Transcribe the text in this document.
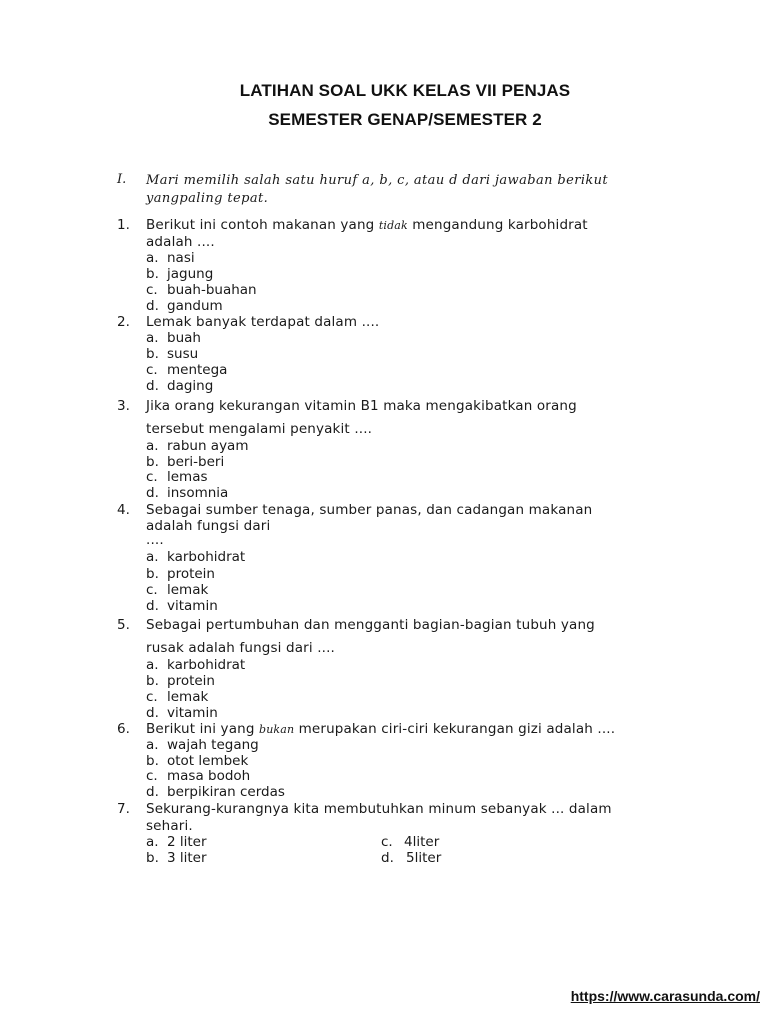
LATIHAN SOAL UKK KELAS VII PENJAS
SEMESTER GENAP/SEMESTER 2
I. Mari memilih salah satu huruf a, b, c, atau d dari jawaban berikut
yangpaling tepat.
1. Berikut ini contoh makanan yang tidak mengandung karbohidrat
adalah ....
a. nasi
b. jagung
c. buah-buahan
d. gandum
2. Lemak banyak terdapat dalam ....
a. buah
b. susu
c. mentega
d. daging
3. Jika orang kekurangan vitamin B1 maka mengakibatkan orang
tersebut mengalami penyakit ....
a. rabun ayam
b. beri-beri
c. lemas
d. insomnia
4. Sebagai sumber tenaga, sumber panas, dan cadangan makanan
adalah fungsi dari
....
a. karbohidrat
b. protein
c. lemak
d. vitamin
5. Sebagai pertumbuhan dan mengganti bagian-bagian tubuh yang
rusak adalah fungsi dari ....
a. karbohidrat
b. protein
c. lemak
d. vitamin
6. Berikut ini yang bukan merupakan ciri-ciri kekurangan gizi adalah ....
a. wajah tegang
b. otot lembek
c. masa bodoh
d. berpikiran cerdas
7. Sekurang-kurangnya kita membutuhkan minum sebanyak ... dalam
sehari.
a. 2 liter
b. 3 liter
c. 4liter
d. 5liter
https://www.carasunda.com/
